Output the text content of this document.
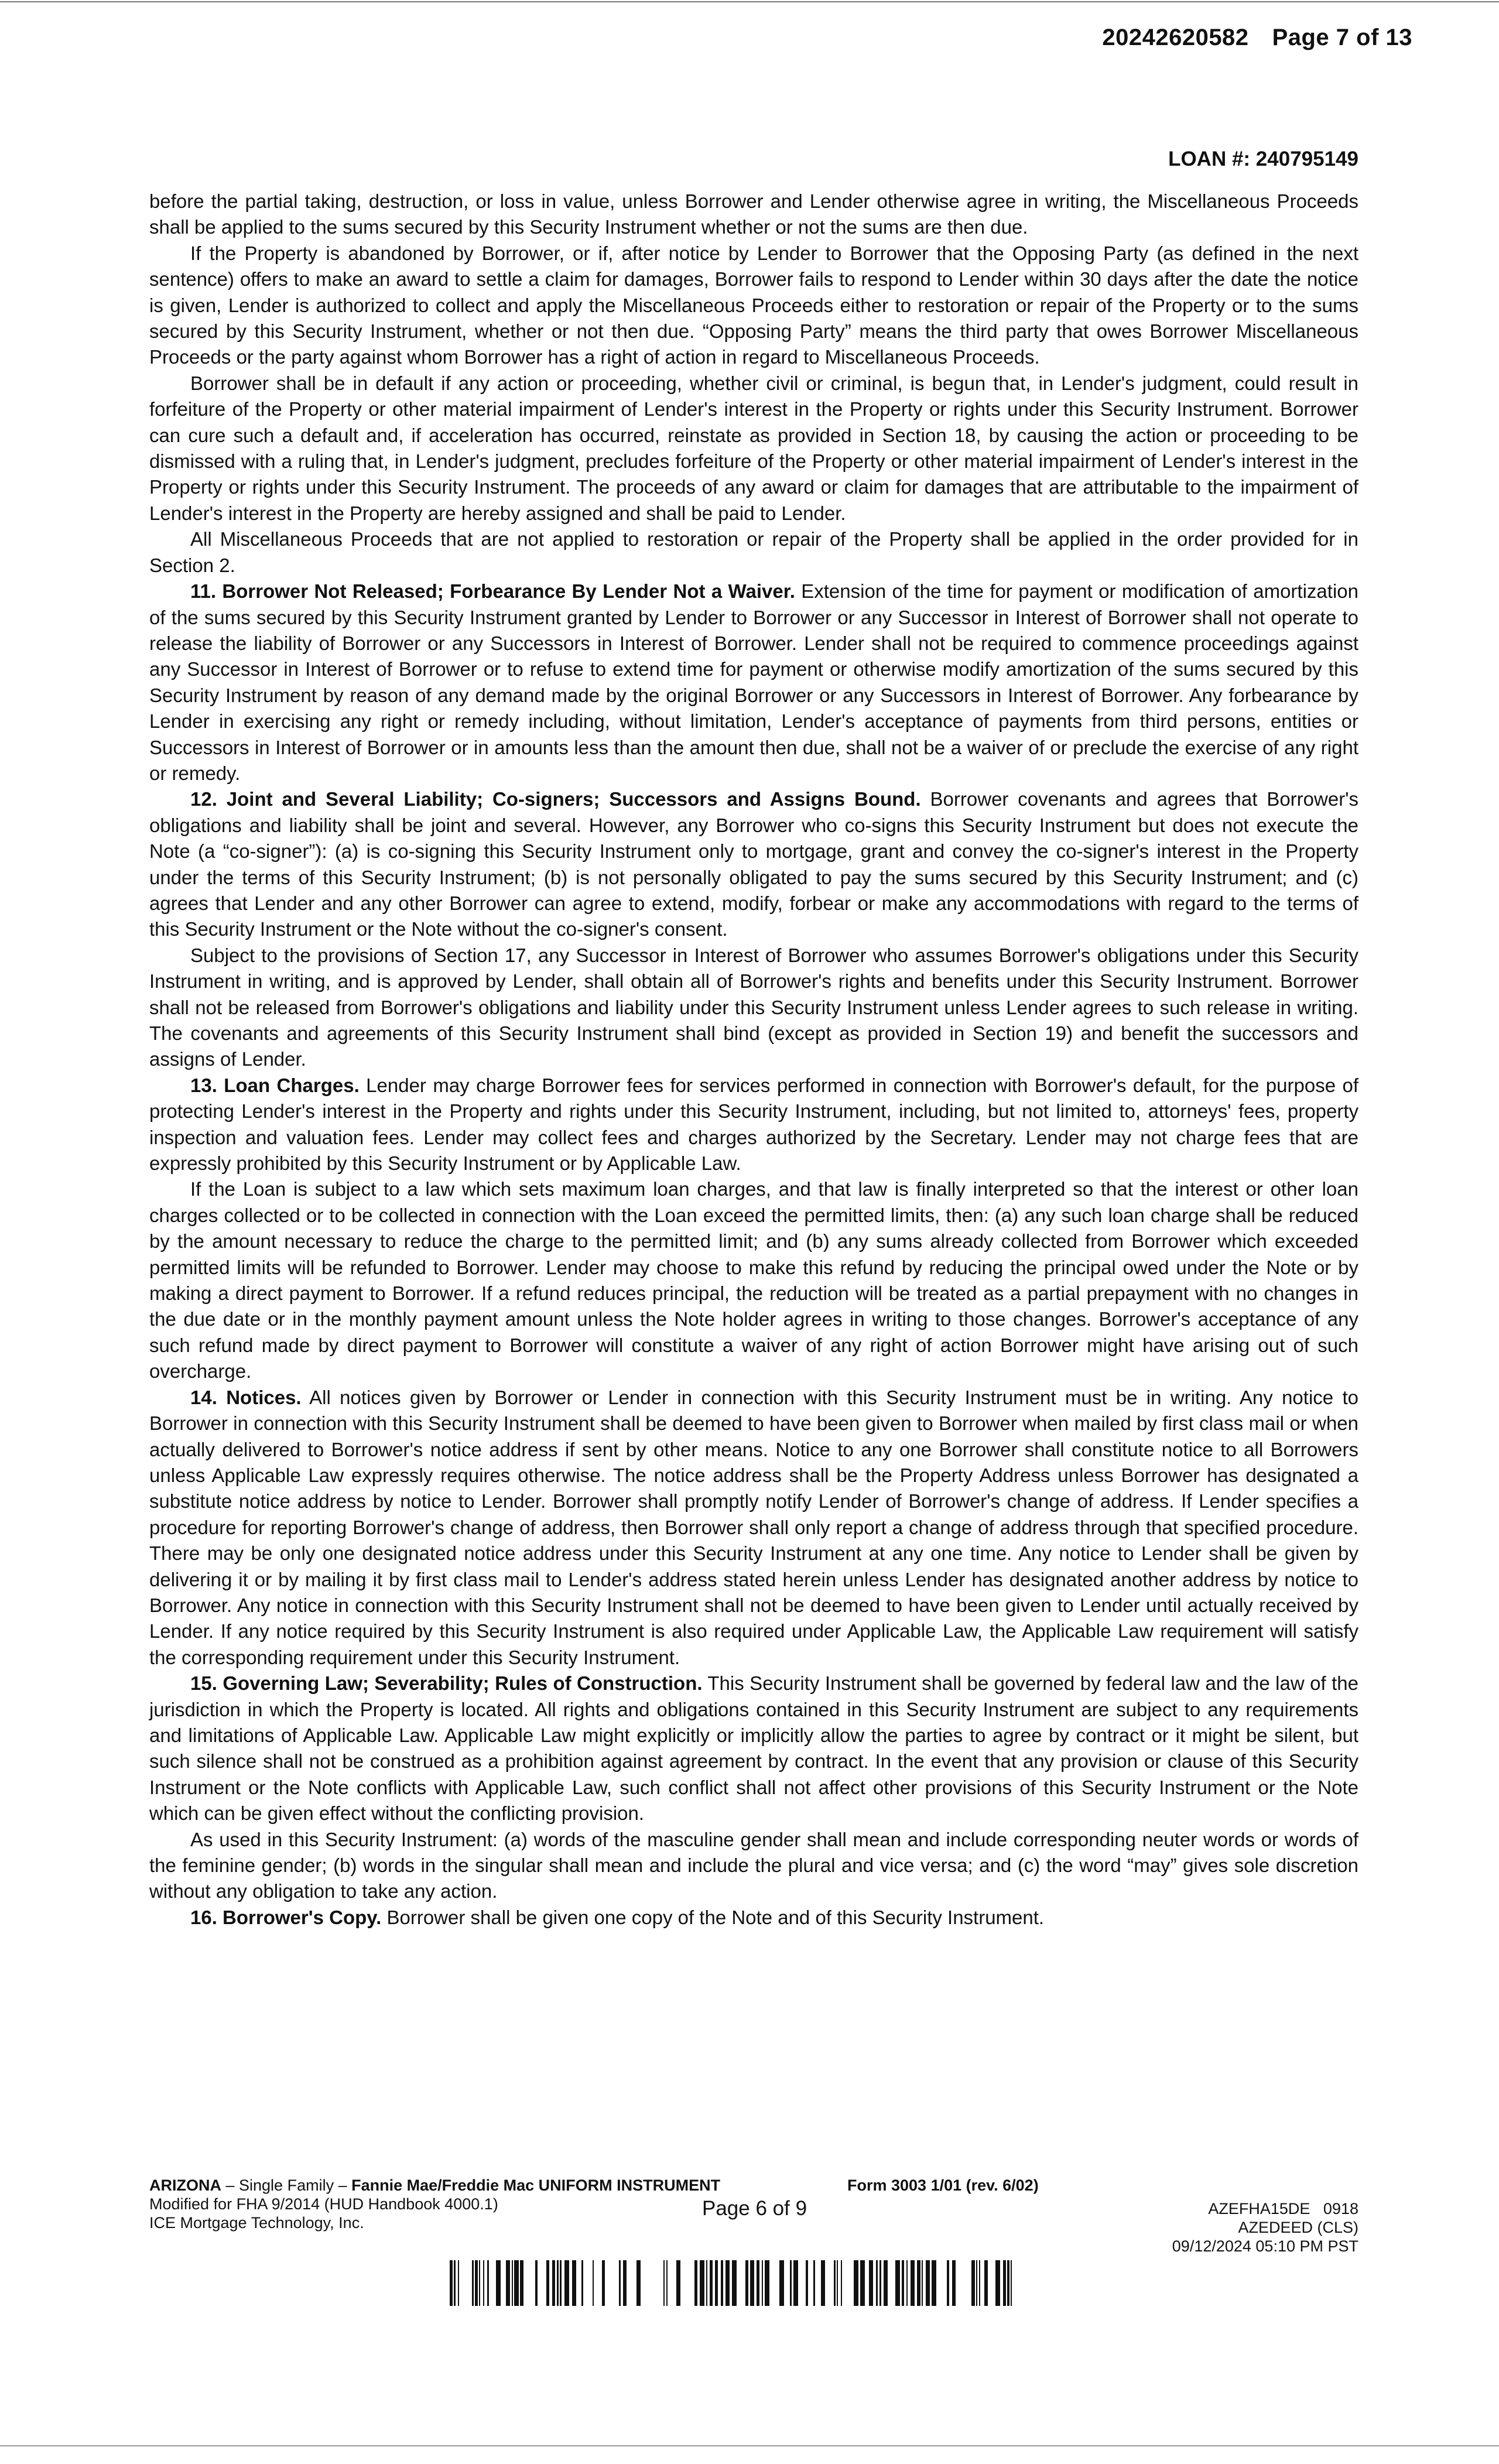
20242620582 Page 7 of 13
LOAN #: 240795149

before the partial taking, destruction, or loss in value, unless Borrower and Lender otherwise agree in writing, the Miscellaneous Proceeds shall be applied to the sums secured by this Security Instrument whether or not the sums are then due.

If the Property is abandoned by Borrower, or if, after notice by Lender to Borrower that the Opposing Party (as defined in the next sentence) offers to make an award to settle a claim for damages, Borrower fails to respond to Lender within 30 days after the date the notice is given, Lender is authorized to collect and apply the Miscellaneous Proceeds either to restoration or repair of the Property or to the sums secured by this Security Instrument, whether or not then due. “Opposing Party” means the third party that owes Borrower Miscellaneous Proceeds or the party against whom Borrower has a right of action in regard to Miscellaneous Proceeds.

Borrower shall be in default if any action or proceeding, whether civil or criminal, is begun that, in Lender's judgment, could result in forfeiture of the Property or other material impairment of Lender's interest in the Property or rights under this Security Instrument. Borrower can cure such a default and, if acceleration has occurred, reinstate as provided in Section 18, by causing the action or proceeding to be dismissed with a ruling that, in Lender's judgment, precludes forfeiture of the Property or other material impairment of Lender's interest in the Property or rights under this Security Instrument. The proceeds of any award or claim for damages that are attributable to the impairment of Lender's interest in the Property are hereby assigned and shall be paid to Lender.

All Miscellaneous Proceeds that are not applied to restoration or repair of the Property shall be applied in the order provided for in Section 2.

11. Borrower Not Released; Forbearance By Lender Not a Waiver. Extension of the time for payment or modification of amortization of the sums secured by this Security Instrument granted by Lender to Borrower or any Successor in Interest of Borrower shall not operate to release the liability of Borrower or any Successors in Interest of Borrower. Lender shall not be required to commence proceedings against any Successor in Interest of Borrower or to refuse to extend time for payment or otherwise modify amortization of the sums secured by this Security Instrument by reason of any demand made by the original Borrower or any Successors in Interest of Borrower. Any forbearance by Lender in exercising any right or remedy including, without limitation, Lender's acceptance of payments from third persons, entities or Successors in Interest of Borrower or in amounts less than the amount then due, shall not be a waiver of or preclude the exercise of any right or remedy.

12. Joint and Several Liability; Co-signers; Successors and Assigns Bound. Borrower covenants and agrees that Borrower's obligations and liability shall be joint and several. However, any Borrower who co-signs this Security Instrument but does not execute the Note (a “co-signer”): (a) is co-signing this Security Instrument only to mortgage, grant and convey the co-signer's interest in the Property under the terms of this Security Instrument; (b) is not personally obligated to pay the sums secured by this Security Instrument; and (c) agrees that Lender and any other Borrower can agree to extend, modify, forbear or make any accommodations with regard to the terms of this Security Instrument or the Note without the co-signer's consent.

Subject to the provisions of Section 17, any Successor in Interest of Borrower who assumes Borrower's obligations under this Security Instrument in writing, and is approved by Lender, shall obtain all of Borrower's rights and benefits under this Security Instrument. Borrower shall not be released from Borrower's obligations and liability under this Security Instrument unless Lender agrees to such release in writing. The covenants and agreements of this Security Instrument shall bind (except as provided in Section 19) and benefit the successors and assigns of Lender.

13. Loan Charges. Lender may charge Borrower fees for services performed in connection with Borrower's default, for the purpose of protecting Lender's interest in the Property and rights under this Security Instrument, including, but not limited to, attorneys' fees, property inspection and valuation fees. Lender may collect fees and charges authorized by the Secretary. Lender may not charge fees that are expressly prohibited by this Security Instrument or by Applicable Law.

If the Loan is subject to a law which sets maximum loan charges, and that law is finally interpreted so that the interest or other loan charges collected or to be collected in connection with the Loan exceed the permitted limits, then: (a) any such loan charge shall be reduced by the amount necessary to reduce the charge to the permitted limit; and (b) any sums already collected from Borrower which exceeded permitted limits will be refunded to Borrower. Lender may choose to make this refund by reducing the principal owed under the Note or by making a direct payment to Borrower. If a refund reduces principal, the reduction will be treated as a partial prepayment with no changes in the due date or in the monthly payment amount unless the Note holder agrees in writing to those changes. Borrower's acceptance of any such refund made by direct payment to Borrower will constitute a waiver of any right of action Borrower might have arising out of such overcharge.

14. Notices. All notices given by Borrower or Lender in connection with this Security Instrument must be in writing. Any notice to Borrower in connection with this Security Instrument shall be deemed to have been given to Borrower when mailed by first class mail or when actually delivered to Borrower's notice address if sent by other means. Notice to any one Borrower shall constitute notice to all Borrowers unless Applicable Law expressly requires otherwise. The notice address shall be the Property Address unless Borrower has designated a substitute notice address by notice to Lender. Borrower shall promptly notify Lender of Borrower's change of address. If Lender specifies a procedure for reporting Borrower's change of address, then Borrower shall only report a change of address through that specified procedure. There may be only one designated notice address under this Security Instrument at any one time. Any notice to Lender shall be given by delivering it or by mailing it by first class mail to Lender's address stated herein unless Lender has designated another address by notice to Borrower. Any notice in connection with this Security Instrument shall not be deemed to have been given to Lender until actually received by Lender. If any notice required by this Security Instrument is also required under Applicable Law, the Applicable Law requirement will satisfy the corresponding requirement under this Security Instrument.

15. Governing Law; Severability; Rules of Construction. This Security Instrument shall be governed by federal law and the law of the jurisdiction in which the Property is located. All rights and obligations contained in this Security Instrument are subject to any requirements and limitations of Applicable Law. Applicable Law might explicitly or implicitly allow the parties to agree by contract or it might be silent, but such silence shall not be construed as a prohibition against agreement by contract. In the event that any provision or clause of this Security Instrument or the Note conflicts with Applicable Law, such conflict shall not affect other provisions of this Security Instrument or the Note which can be given effect without the conflicting provision.

As used in this Security Instrument: (a) words of the masculine gender shall mean and include corresponding neuter words or words of the feminine gender; (b) words in the singular shall mean and include the plural and vice versa; and (c) the word “may” gives sole discretion without any obligation to take any action.

16. Borrower's Copy. Borrower shall be given one copy of the Note and of this Security Instrument.

ARIZONA – Single Family – Fannie Mae/Freddie Mac UNIFORM INSTRUMENT
Modified for FHA 9/2014 (HUD Handbook 4000.1)
ICE Mortgage Technology, Inc.
Form 3003 1/01 (rev. 6/02)
Page 6 of 9	AZEFHA15DE   0918
AZEDEED (CLS)
09/12/2024 05:10 PM PST
